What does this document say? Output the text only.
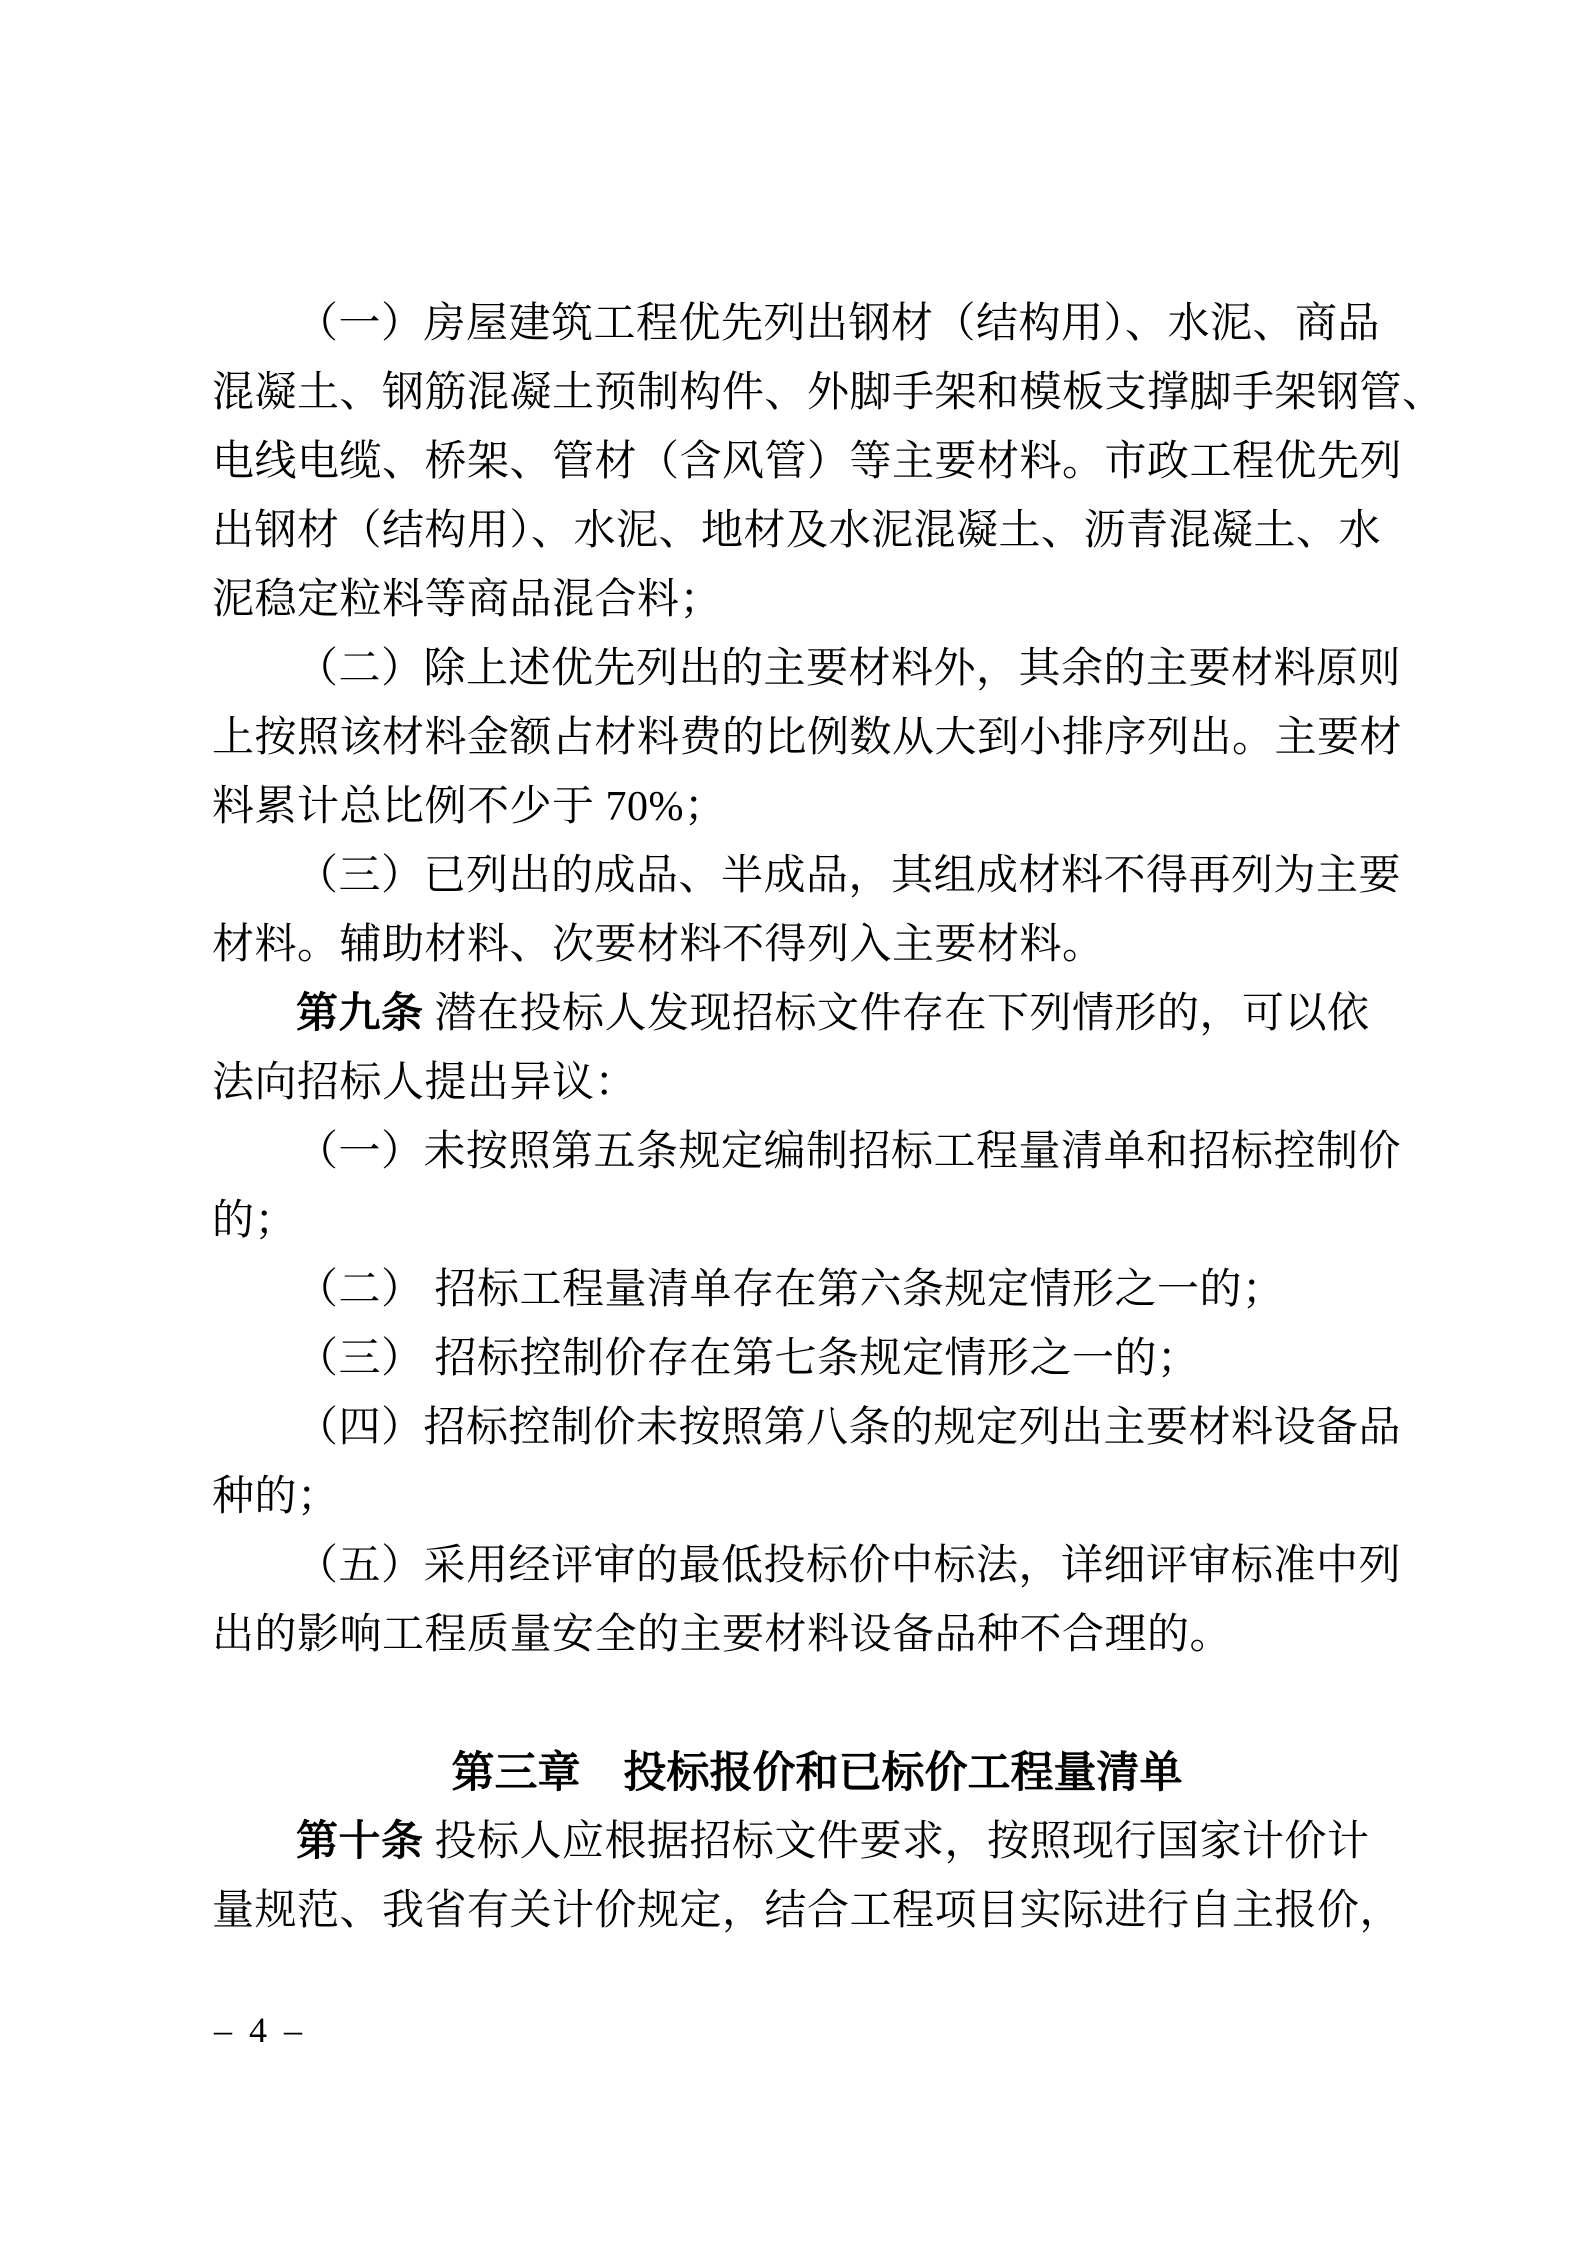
（一）房屋建筑工程优先列出钢材（结构用）、水泥、商品
混凝土、钢筋混凝土预制构件、外脚手架和模板支撑脚手架钢管、
电线电缆、桥架、管材（含风管）等主要材料。市政工程优先列
出钢材（结构用）、水泥、地材及水泥混凝土、沥青混凝土、水
泥稳定粒料等商品混合料；

（二）除上述优先列出的主要材料外，其余的主要材料原则
上按照该材料金额占材料费的比例数从大到小排序列出。主要材
料累计总比例不少于 70%；

（三）已列出的成品、半成品，其组成材料不得再列为主要
材料。辅助材料、次要材料不得列入主要材料。

第九条 潜在投标人发现招标文件存在下列情形的，可以依
法向招标人提出异议：

（一）未按照第五条规定编制招标工程量清单和招标控制价
的；

（二） 招标工程量清单存在第六条规定情形之一的；

（三） 招标控制价存在第七条规定情形之一的；

（四）招标控制价未按照第八条的规定列出主要材料设备品
种的；

（五）采用经评审的最低投标价中标法，详细评审标准中列
出的影响工程质量安全的主要材料设备品种不合理的。

第三章　投标报价和已标价工程量清单

第十条 投标人应根据招标文件要求，按照现行国家计价计
量规范、我省有关计价规定，结合工程项目实际进行自主报价，

– 4 –
